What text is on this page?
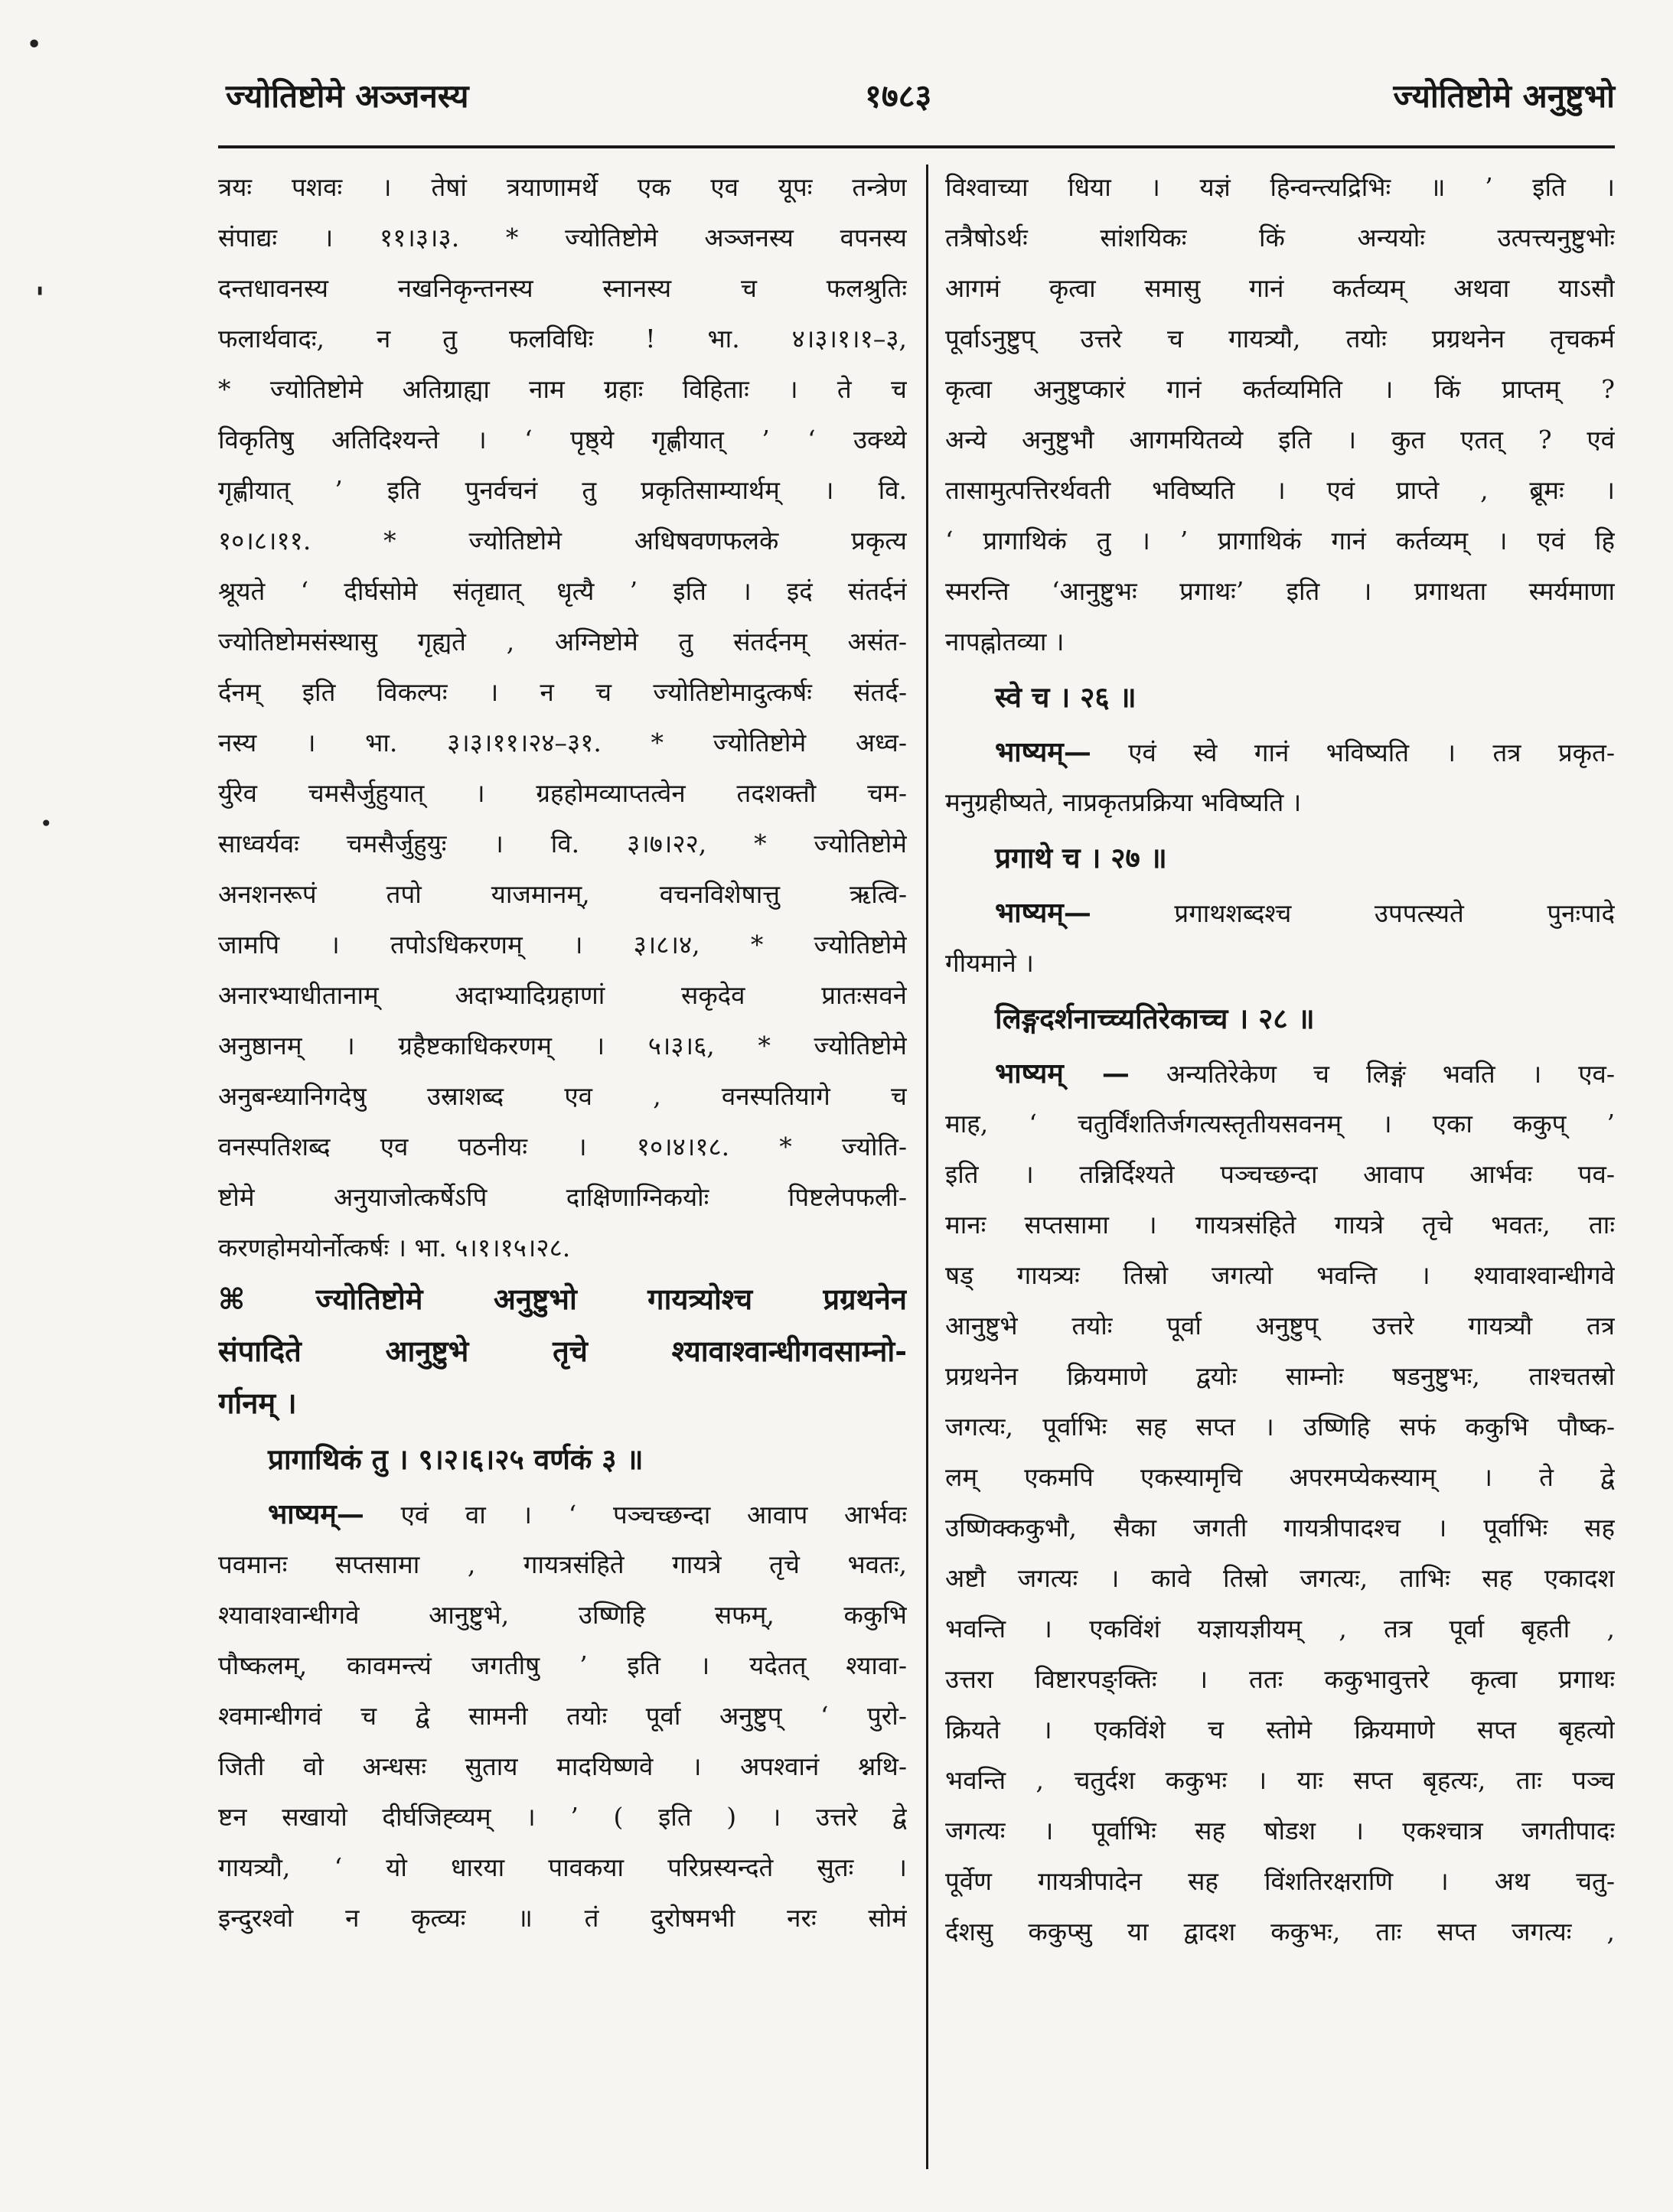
ज्योतिष्टोमे अञ्जनस्य	१७८३	ज्योतिष्टोमे अनुष्टुभो
•
'
•
त्रयः पशवः । तेषां त्रयाणामर्थे एक एव यूपः तन्त्रेण
संपाद्यः । ११।३।३. * ज्योतिष्टोमे अञ्जनस्य वपनस्य
दन्तधावनस्य नखनिकृन्तनस्य स्नानस्य च फलश्रुतिः
फलार्थवादः, न तु फलविधिः ! भा. ४।३।१।१–३,
* ज्योतिष्टोमे अतिग्राह्या नाम ग्रहाः विहिताः । ते च
विकृतिषु अतिदिश्यन्ते । ‘ पृष्ठ्ये गृह्णीयात् ’ ‘ उक्थ्ये
गृह्णीयात् ’ इति पुनर्वचनं तु प्रकृतिसाम्यार्थम् । वि.
१०।८।११. * ज्योतिष्टोमे अधिषवणफलके प्रकृत्य
श्रूयते ‘ दीर्घसोमे संतृद्यात् धृत्यै ’ इति । इदं संतर्दनं
ज्योतिष्टोमसंस्थासु गृह्यते , अग्निष्टोमे तु संतर्दनम् असंत-
र्दनम् इति विकल्पः । न च ज्योतिष्टोमादुत्कर्षः संतर्द-
नस्य । भा. ३।३।११।२४–३१. * ज्योतिष्टोमे अध्व-
र्युरेव चमसैर्जुहुयात् । ग्रहहोमव्याप्तत्वेन तदशक्तौ चम-
साध्वर्यवः चमसैर्जुहुयुः । वि. ३।७।२२, * ज्योतिष्टोमे
अनशनरूपं तपो याजमानम्, वचनविशेषात्तु ऋत्वि-
जामपि । तपोऽधिकरणम् । ३।८।४, * ज्योतिष्टोमे
अनारभ्याधीतानाम् अदाभ्यादिग्रहाणां सकृदेव प्रातःसवने
अनुष्ठानम् । ग्रहैष्टकाधिकरणम् । ५।३।६, * ज्योतिष्टोमे
अनुबन्ध्यानिगदेषु उस्राशब्द एव , वनस्पतियागे च
वनस्पतिशब्द एव पठनीयः । १०।४।१८. * ज्योति-
ष्टोमे अनुयाजोत्कर्षेऽपि दाक्षिणाग्निकयोः पिष्टलेपफली-
करणहोमयोर्नोत्कर्षः । भा. ५।१।१५।२८.
⌘ ज्योतिष्टोमे अनुष्टुभो गायत्र्योश्च प्रग्रथनेन
संपादिते आनुष्टुभे तृचे श्यावाश्वान्धीगवसाम्नो-
र्गानम् ।
प्रागाथिकं तु । ९।२।६।२५ वर्णकं ३ ॥
भाष्यम्— एवं वा । ‘ पञ्चच्छन्दा आवाप आर्भवः
पवमानः सप्तसामा , गायत्रसंहिते गायत्रे तृचे भवतः,
श्यावाश्वान्धीगवे आनुष्टुभे, उष्णिहि सफम्, ककुभि
पौष्कलम्, कावमन्त्यं जगतीषु ’ इति । यदेतत् श्यावा-
श्वमान्धीगवं च द्वे सामनी तयोः पूर्वा अनुष्टुप् ‘ पुरो-
जिती वो अन्धसः सुताय मादयिष्णवे । अपश्वानं श्नथि-
ष्टन सखायो दीर्घजिह्व्यम् । ’ ( इति ) । उत्तरे द्वे
गायत्र्यौ, ‘ यो धारया पावकया परिप्रस्यन्दते सुतः ।
इन्दुरश्वो न कृत्व्यः ॥ तं दुरोषमभी नरः सोमं
विश्वाच्या धिया । यज्ञं हिन्वन्त्यद्रिभिः ॥ ’ इति ।
तत्रैषोऽर्थः सांशयिकः किं अन्ययोः उत्पत्त्यनुष्टुभोः
आगमं कृत्वा समासु गानं कर्तव्यम् अथवा याऽसौ
पूर्वाऽनुष्टुप् उत्तरे च गायत्र्यौ, तयोः प्रग्रथनेन तृचकर्म
कृत्वा अनुष्टुप्कारं गानं कर्तव्यमिति । किं प्राप्तम् ?
अन्ये अनुष्टुभौ आगमयितव्ये इति । कुत एतत् ? एवं
तासामुत्पत्तिरर्थवती भविष्यति । एवं प्राप्ते , ब्रूमः ।
‘ प्रागाथिकं तु । ’ प्रागाथिकं गानं कर्तव्यम् । एवं हि
स्मरन्ति ‘आनुष्टुभः प्रगाथः’ इति । प्रगाथता स्मर्यमाणा
नापह्नोतव्या ।
स्वे च । २६ ॥
भाष्यम्— एवं स्वे गानं भविष्यति । तत्र प्रकृत-
मनुग्रहीष्यते, नाप्रकृतप्रक्रिया भविष्यति ।
प्रगाथे च । २७ ॥
भाष्यम्—	प्रगाथशब्दश्च उपपत्स्यते पुनःपादे
गीयमाने ।
लिङ्गदर्शनाच्च्यतिरेकाच्च । २८ ॥
भाष्यम् — अन्यतिरेकेण च लिङ्गं भवति । एव-
माह, ‘ चतुर्विंशतिर्जगत्यस्तृतीयसवनम् । एका ककुप् ’
इति । तन्निर्दिश्यते पञ्चच्छन्दा आवाप आर्भवः पव-
मानः सप्तसामा । गायत्रसंहिते गायत्रे तृचे भवतः, ताः
षड् गायत्र्यः तिस्रो जगत्यो भवन्ति । श्यावाश्वान्धीगवे
आनुष्टुभे तयोः पूर्वा अनुष्टुप् उत्तरे गायत्र्यौ तत्र
प्रग्रथनेन क्रियमाणे द्वयोः साम्नोः षडनुष्टुभः, ताश्चतस्रो
जगत्यः, पूर्वाभिः सह सप्त । उष्णिहि सफं ककुभि पौष्क-
लम् एकमपि एकस्यामृचि अपरमप्येकस्याम् । ते द्वे
उष्णिक्ककुभौ, सैका जगती गायत्रीपादश्च । पूर्वाभिः सह
अष्टौ जगत्यः । कावे तिस्रो जगत्यः, ताभिः सह एकादश
भवन्ति । एकविंशं यज्ञायज्ञीयम् , तत्र पूर्वा बृहती ,
उत्तरा विष्टारपङ्क्तिः । ततः ककुभावुत्तरे कृत्वा प्रगाथः
क्रियते । एकविंशे च स्तोमे क्रियमाणे सप्त बृहत्यो
भवन्ति , चतुर्दश ककुभः । याः सप्त बृहत्यः, ताः पञ्च
जगत्यः । पूर्वाभिः सह षोडश । एकश्चात्र जगतीपादः
पूर्वेण गायत्रीपादेन सह विंशतिरक्षराणि । अथ चतु-
र्दशसु ककुप्सु या द्वादश ककुभः, ताः सप्त जगत्यः ,
